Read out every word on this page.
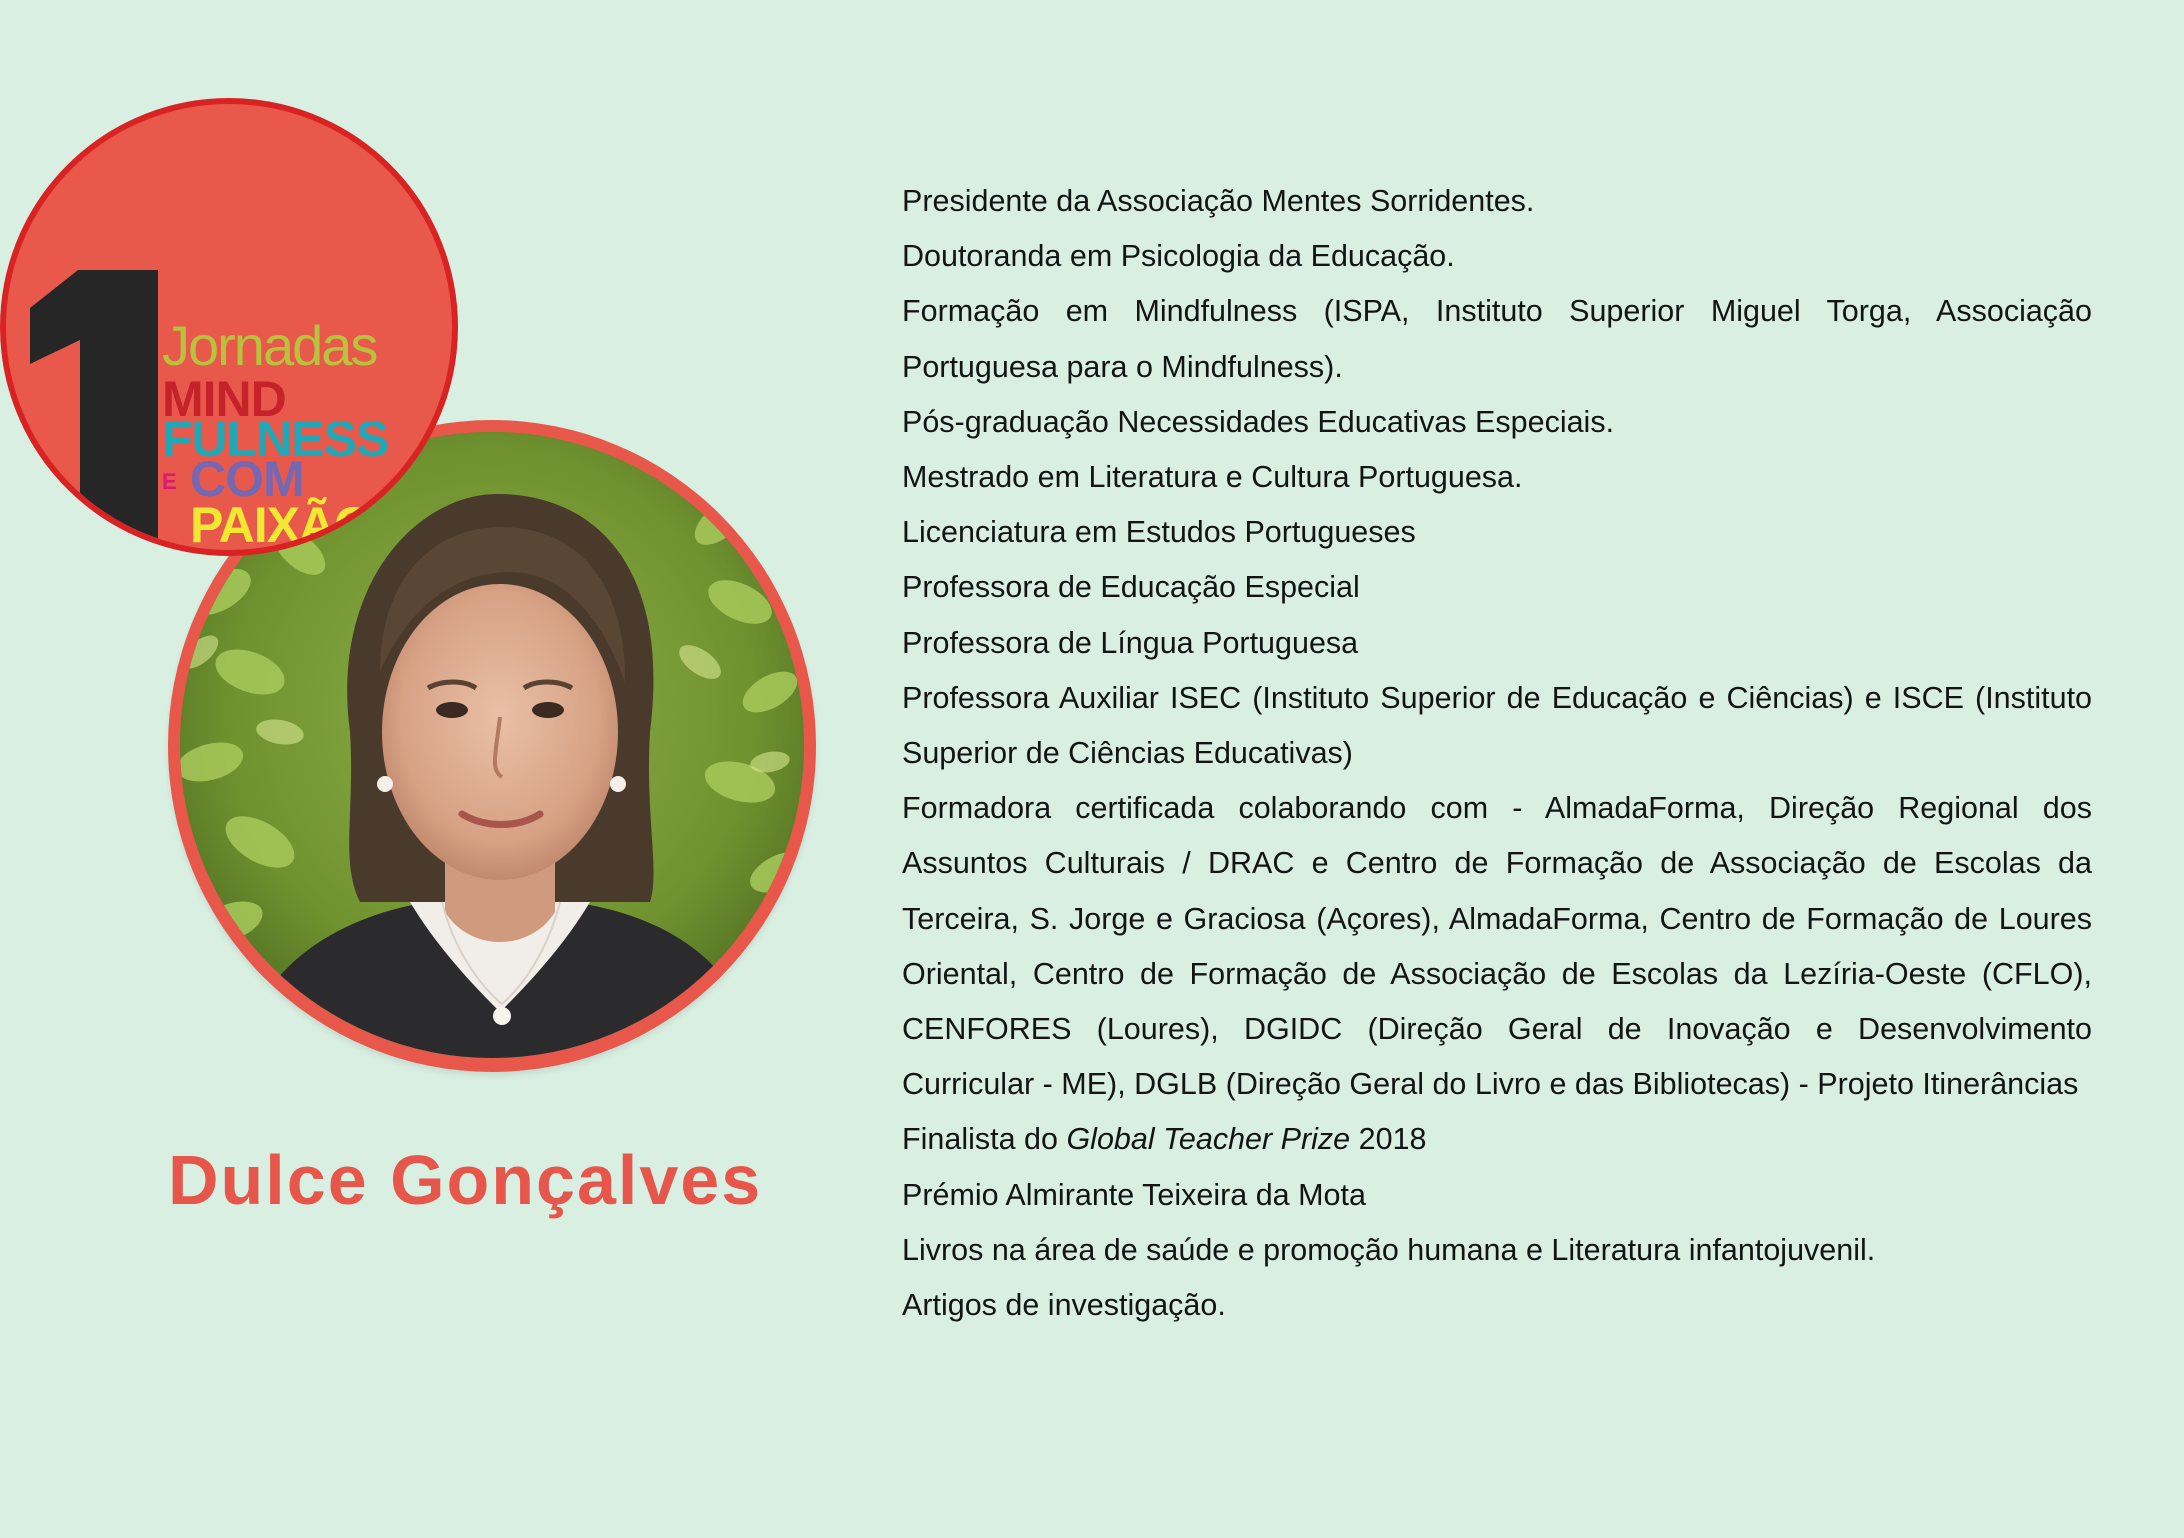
Jornadas
MIND
FULNESS
E COM
PAIXÃO
Dulce Gonçalves

Presidente da Associação Mentes Sorridentes.

Doutoranda em Psicologia da Educação.

Formação em Mindfulness (ISPA, Instituto Superior Miguel Torga, Associação Portuguesa para o Mindfulness).

Pós-graduação Necessidades Educativas Especiais.

Mestrado em Literatura e Cultura Portuguesa.

Licenciatura em Estudos Portugueses

Professora de Educação Especial

Professora de Língua Portuguesa

Professora Auxiliar ISEC (Instituto Superior de Educação e Ciências) e ISCE (Instituto Superior de Ciências Educativas)

Formadora certificada colaborando com - AlmadaForma, Direção Regional dos Assuntos Culturais / DRAC e Centro de Formação de Associação de Escolas da Terceira, S. Jorge e Graciosa (Açores), AlmadaForma, Centro de Formação de Loures Oriental, Centro de Formação de Associação de Escolas da Lezíria-Oeste (CFLO), CENFORES (Loures), DGIDC (Direção Geral de Inovação e Desenvolvimento Curricular - ME), DGLB (Direção Geral do Livro e das Bibliotecas) - Projeto Itinerâncias

Finalista do Global Teacher Prize 2018

Prémio Almirante Teixeira da Mota

Livros na área de saúde e promoção humana e Literatura infantojuvenil.

Artigos de investigação.
